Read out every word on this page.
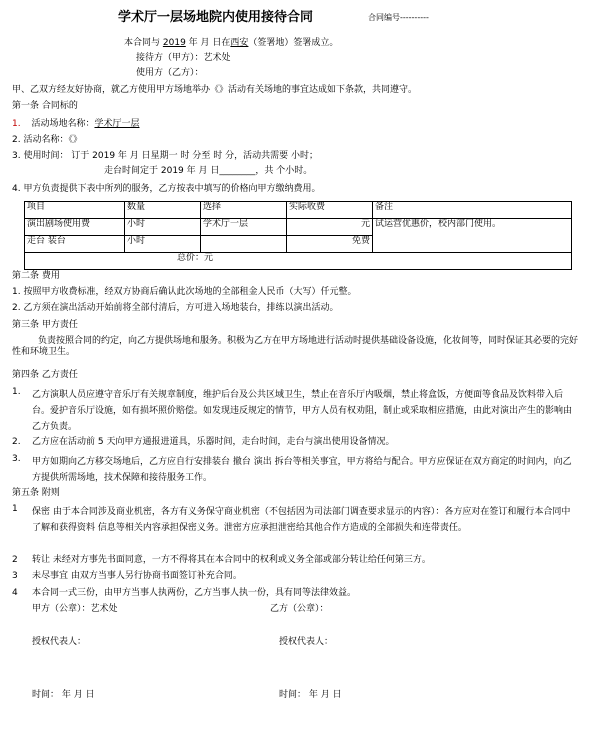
学术厅一层场地院内使用接待合同	合同编号----------
本合同与 2019 年 月 日在西安（签署地）签署成立。
接待方（甲方）：艺术处
使用方（乙方）：
甲、乙双方经友好协商，就乙方使用甲方场地举办《》活动有关场地的事宜达成如下条款，共同遵守。
第一条 合同标的
1. 活动场地名称：学术厅一层
2. 活动名称：《》
3. 使用时间： 订于 2019 年 月 日星期一 时 分至 时 分，活动共需要 小时；
走台时间定于 2019 年 月 日________，共 个小时。
4. 甲方负责提供下表中所列的服务，乙方按表中填写的价格向甲方缴纳费用。
项目	数量	选择	实际收费	备注
演出剧场使用费	小时	学术厅一层	元	试运营优惠价，校内部门使用。
走台 装台	小时		免费	
总价：元				
第二条 费用
1. 按照甲方收费标准，经双方协商后确认此次场地的全部租金人民币（大写）仟元整。
2. 乙方须在演出活动开始前将全部付清后，方可进入场地装台，排练以演出活动。
第三条 甲方责任
负责按照合同的约定，向乙方提供场地和服务。积极为乙方在甲方场地进行活动时提供基础设备设施，化妆间等，同时保证其必要的完好性和环境卫生。
第四条 乙方责任
1. 乙方演职人员应遵守音乐厅有关规章制度，维护后台及公共区域卫生，禁止在音乐厅内吸烟，禁止将盒饭，方便面等食品及饮料带入后台。爱护音乐厅设施，如有损坏照价赔偿。如发现违反规定的情节，甲方人员有权劝阻，制止或采取相应措施，由此对演出产生的影响由乙方负责。
2. 乙方应在活动前 5 天向甲方通报进道具，乐器时间，走台时间，走台与演出使用设备情况。
3. 甲方如期向乙方移交场地后，乙方应自行安排装台 撤台 演出 拆台等相关事宜，甲方将给与配合。甲方应保证在双方商定的时间内，向乙方提供所需场地，技术保障和接待服务工作。
第五条 附则
1 保密 由于本合同涉及商业机密，各方有义务保守商业机密（不包括因为司法部门调查要求显示的内容）：各方应对在签订和履行本合同中了解和获得资料 信息等相关内容承担保密义务。泄密方应承担泄密给其他合作方造成的全部损失和连带责任。
2 转让 未经对方事先书面同意，一方不得将其在本合同中的权利或义务全部或部分转让给任何第三方。
3 未尽事宜 由双方当事人另行协商书面签订补充合同。
4 本合同一式三份，由甲方当事人执两份，乙方当事人执一份，具有同等法律效益。
甲方（公章）：艺术处	乙方（公章）：
授权代表人：	授权代表人：
时间： 年 月 日	时间： 年 月 日
